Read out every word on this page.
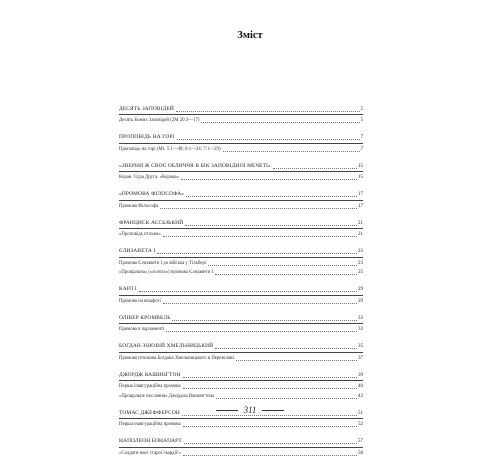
Зміст
ДЕСЯТЬ ЗАПОВІДЕЙ	5
Десять Божих Заповідей (2М 20:3—17)	5
ПРОПОВІДЬ НА ГОРІ	7
Проповідь на горі (Мт. 5:1—48; 6:1—34; 7:1—29)	7
«ЗВЕРНИ Ж СВОЄ ОБЛИЧЧЯ В БІК ЗАПОВІДНОЇ МЕЧЕТІ»	15
Коран. Сура Друга. «Корова»	15
«ПРОМОВА ФІЛОСОФА»	17
Промова Філософа	17
ФРАНЦИСК АССЬЗЬКИЙ	21
«Проповідь птахам»	21
ЄЛИЗАВЕТА І	23
Промова Єлизавети I до війська у Тільбері	23
«Прощальна» («золота») промова Єлизавети I	25
КАРЛ І	29
Промова на ешафоті	29
ОЛІВЕР КРОМВЕЛЬ	33
Промова в парламенті	33
БОГДАН ЗІНОВІЙ ХМЕЛЬНИЦЬКИЙ	35
Промова гетьмана Богдана Хмельницького в Переяславі	37
ДЖОРДЖ ВАШИНГТОН	39
Перша інавгураційна промова	40
«Прощальне послання» Джорджа Вашингтона	43
ТОМАС ДЖЕФФЕРСОН	51
Перша інавгураційна промова	52
НАПОЛЕОН БОНАПАРТ	57
«Солдати моєї старої гвардії!»	58
311
